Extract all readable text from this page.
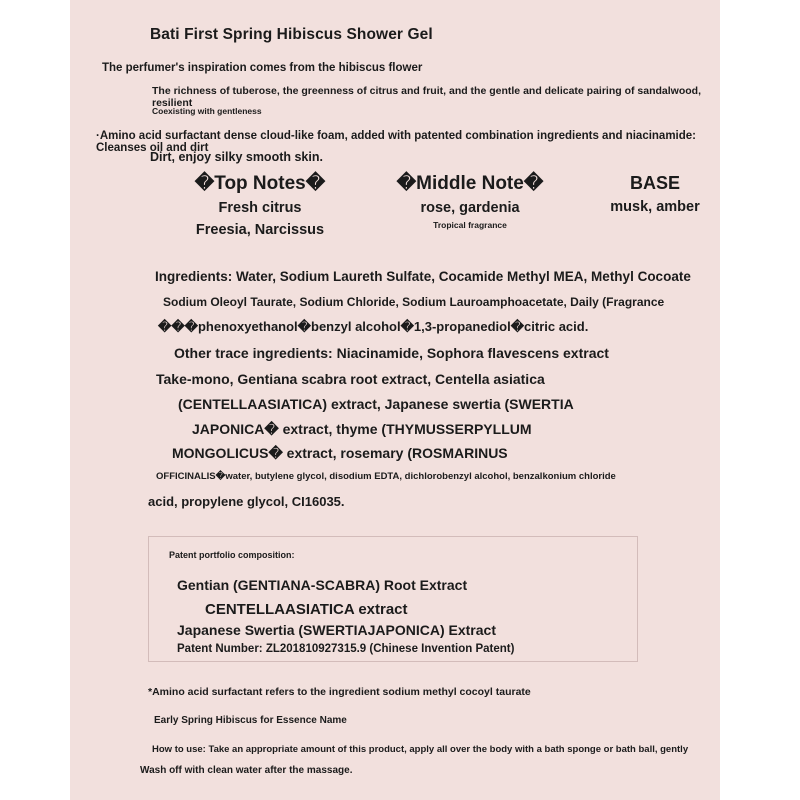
Bati First Spring Hibiscus Shower Gel
The perfumer's inspiration comes from the hibiscus flower
The richness of tuberose, the greenness of citrus and fruit, and the gentle and delicate pairing of sandalwood, resilient
Coexisting with gentleness
·Amino acid surfactant dense cloud-like foam, added with patented combination ingredients and niacinamide: Cleanses oil and dirt
Dirt, enjoy silky smooth skin.
�Top Notes�
Fresh citrus
Freesia, Narcissus
�Middle Note�
rose, gardenia
Tropical fragrance
BASE
musk, amber
Ingredients: Water, Sodium Laureth Sulfate, Cocamide Methyl MEA, Methyl Cocoate
Sodium Oleoyl Taurate, Sodium Chloride, Sodium Lauroamphoacetate, Daily (Fragrance
���phenoxyethanol�benzyl alcohol�1,3-propanediol�citric acid.
Other trace ingredients: Niacinamide, Sophora flavescens extract
Take-mono, Gentiana scabra root extract, Centella asiatica
(CENTELLAASIATICA) extract, Japanese swertia (SWERTIA
JAPONICA� extract, thyme (THYMUSSERPYLLUM
MONGOLICUS� extract, rosemary (ROSMARINUS
OFFICINALIS�water, butylene glycol, disodium EDTA, dichlorobenzyl alcohol, benzalkonium chloride
acid, propylene glycol, CI16035.
Patent portfolio composition:
Gentian (GENTIANA-SCABRA) Root Extract
CENTELLAASIATICA extract
Japanese Swertia (SWERTIAJAPONICA) Extract
Patent Number: ZL201810927315.9 (Chinese Invention Patent)
*Amino acid surfactant refers to the ingredient sodium methyl cocoyl taurate
Early Spring Hibiscus for Essence Name
How to use: Take an appropriate amount of this product, apply all over the body with a bath sponge or bath ball, gently
Wash off with clean water after the massage.
